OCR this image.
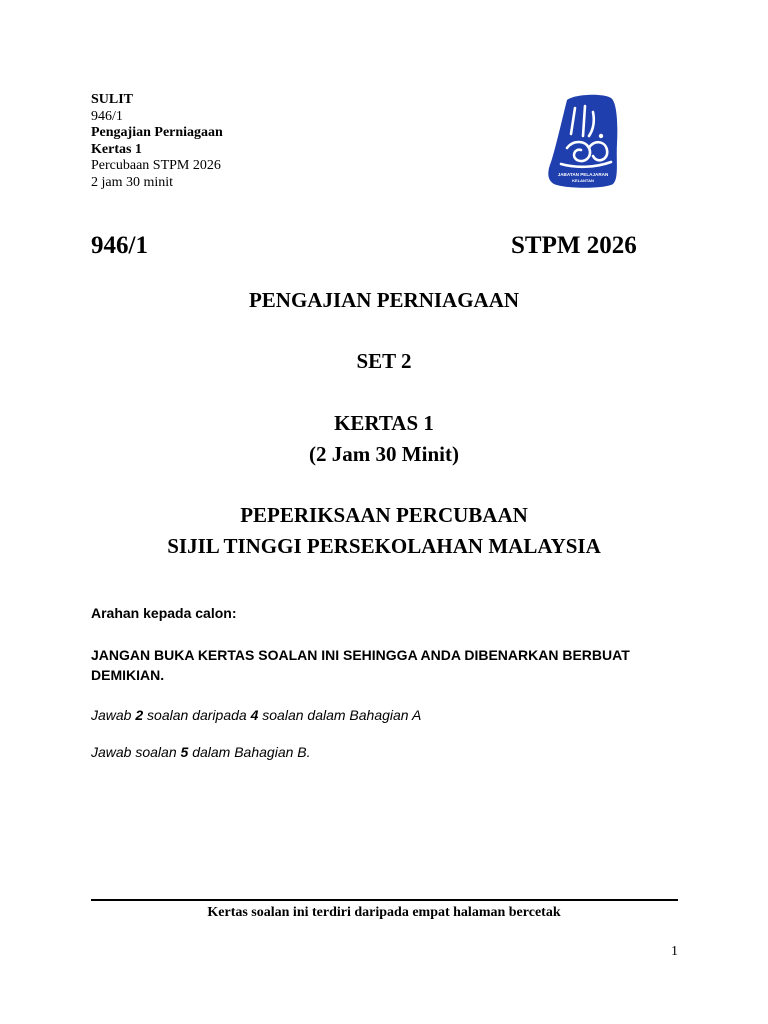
SULIT
946/1
Pengajian Perniagaan
Kertas 1
Percubaan STPM 2026
2 jam 30 minit	JABATAN PELAJARAN
KELANTAN
946/1	STPM 2026
PENGAJIAN PERNIAGAAN
SET 2
KERTAS 1
(2 Jam 30 Minit)
PEPERIKSAAN PERCUBAAN
SIJIL TINGGI PERSEKOLAHAN MALAYSIA
Arahan kepada calon:
JANGAN BUKA KERTAS SOALAN INI SEHINGGA ANDA DIBENARKAN BERBUAT
DEMIKIAN.
Jawab 2 soalan daripada 4 soalan dalam Bahagian A
Jawab soalan 5 dalam Bahagian B.
Kertas soalan ini terdiri daripada empat halaman bercetak
1
